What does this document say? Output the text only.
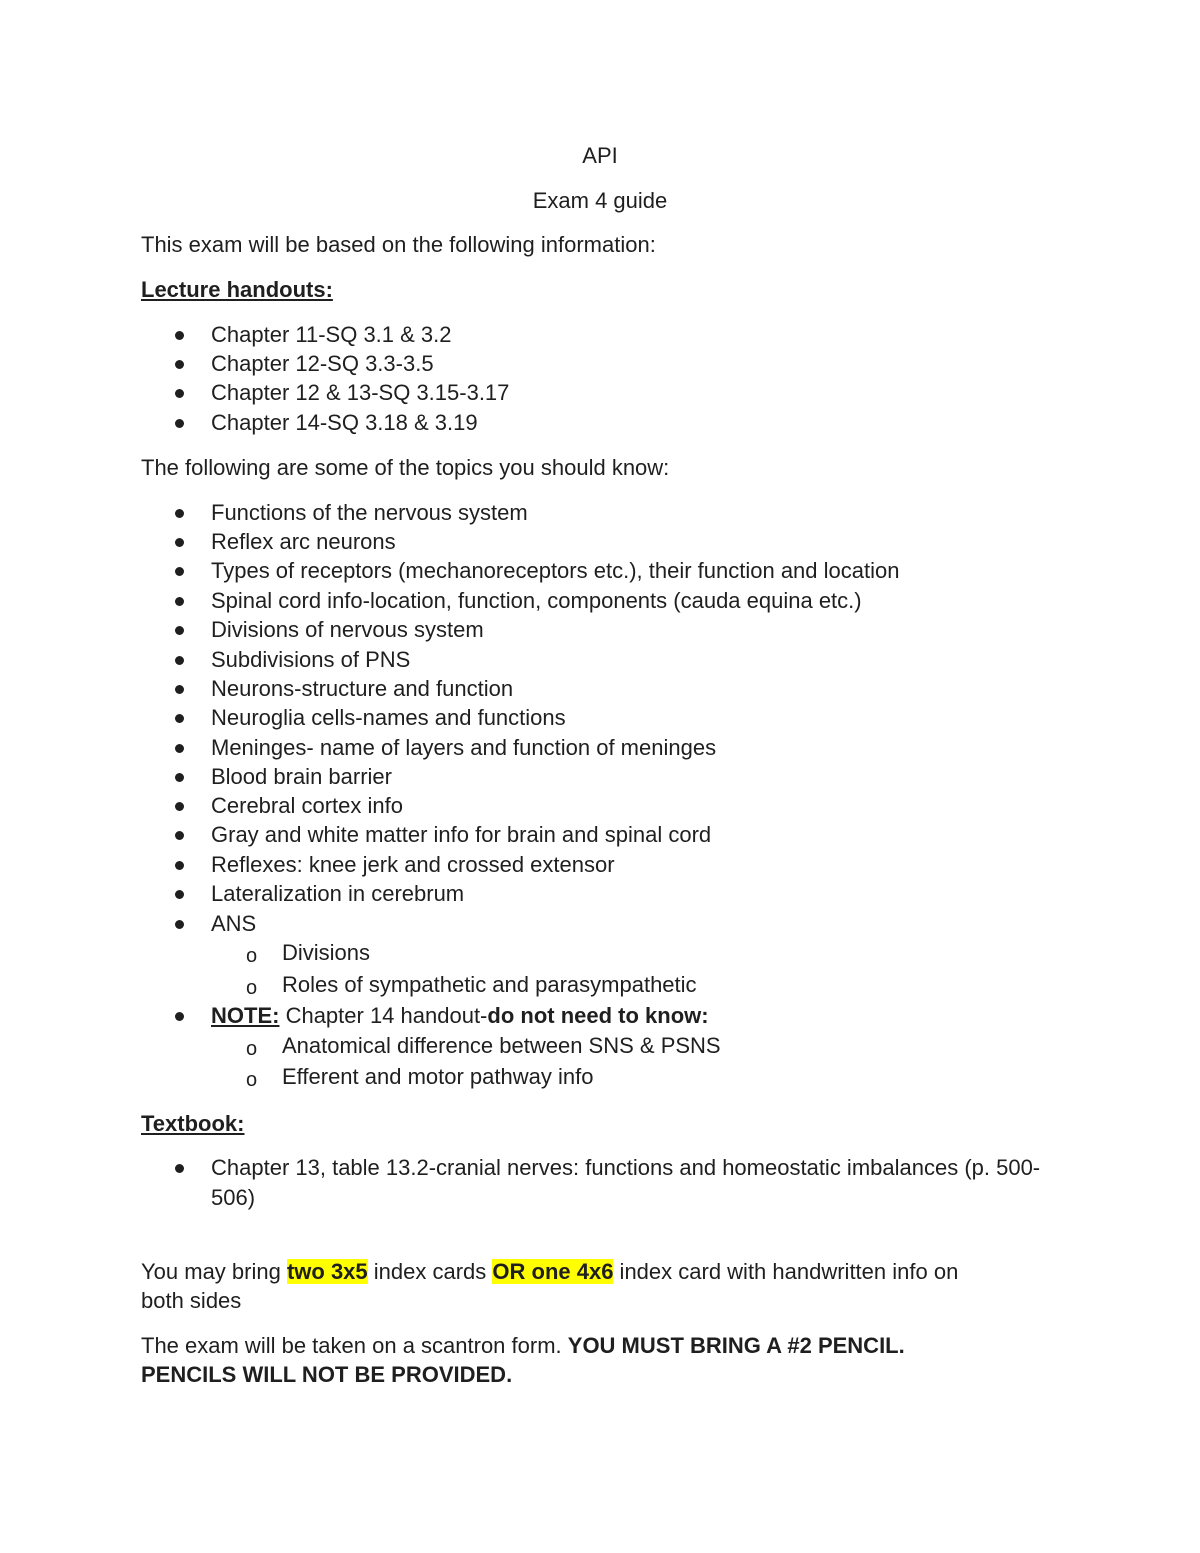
API
Exam 4 guide
This exam will be based on the following information:
Lecture handouts:
Chapter 11-SQ 3.1 & 3.2
Chapter 12-SQ 3.3-3.5
Chapter 12 & 13-SQ 3.15-3.17
Chapter 14-SQ 3.18 & 3.19
The following are some of the topics you should know:
Functions of the nervous system
Reflex arc neurons
Types of receptors (mechanoreceptors etc.), their function and location
Spinal cord info-location, function, components (cauda equina etc.)
Divisions of nervous system
Subdivisions of PNS
Neurons-structure and function
Neuroglia cells-names and functions
Meninges- name of layers and function of meninges
Blood brain barrier
Cerebral cortex info
Gray and white matter info for brain and spinal cord
Reflexes: knee jerk and crossed extensor
Lateralization in cerebrum
ANS
o Divisions
o Roles of sympathetic and parasympathetic
NOTE: Chapter 14 handout-do not need to know:
o Anatomical difference between SNS & PSNS
o Efferent and motor pathway info
Textbook:
Chapter 13, table 13.2-cranial nerves: functions and homeostatic imbalances (p. 500-506)
You may bring two 3x5 index cards OR one 4x6 index card with handwritten info on
both sides
The exam will be taken on a scantron form. YOU MUST BRING A #2 PENCIL.
PENCILS WILL NOT BE PROVIDED.
